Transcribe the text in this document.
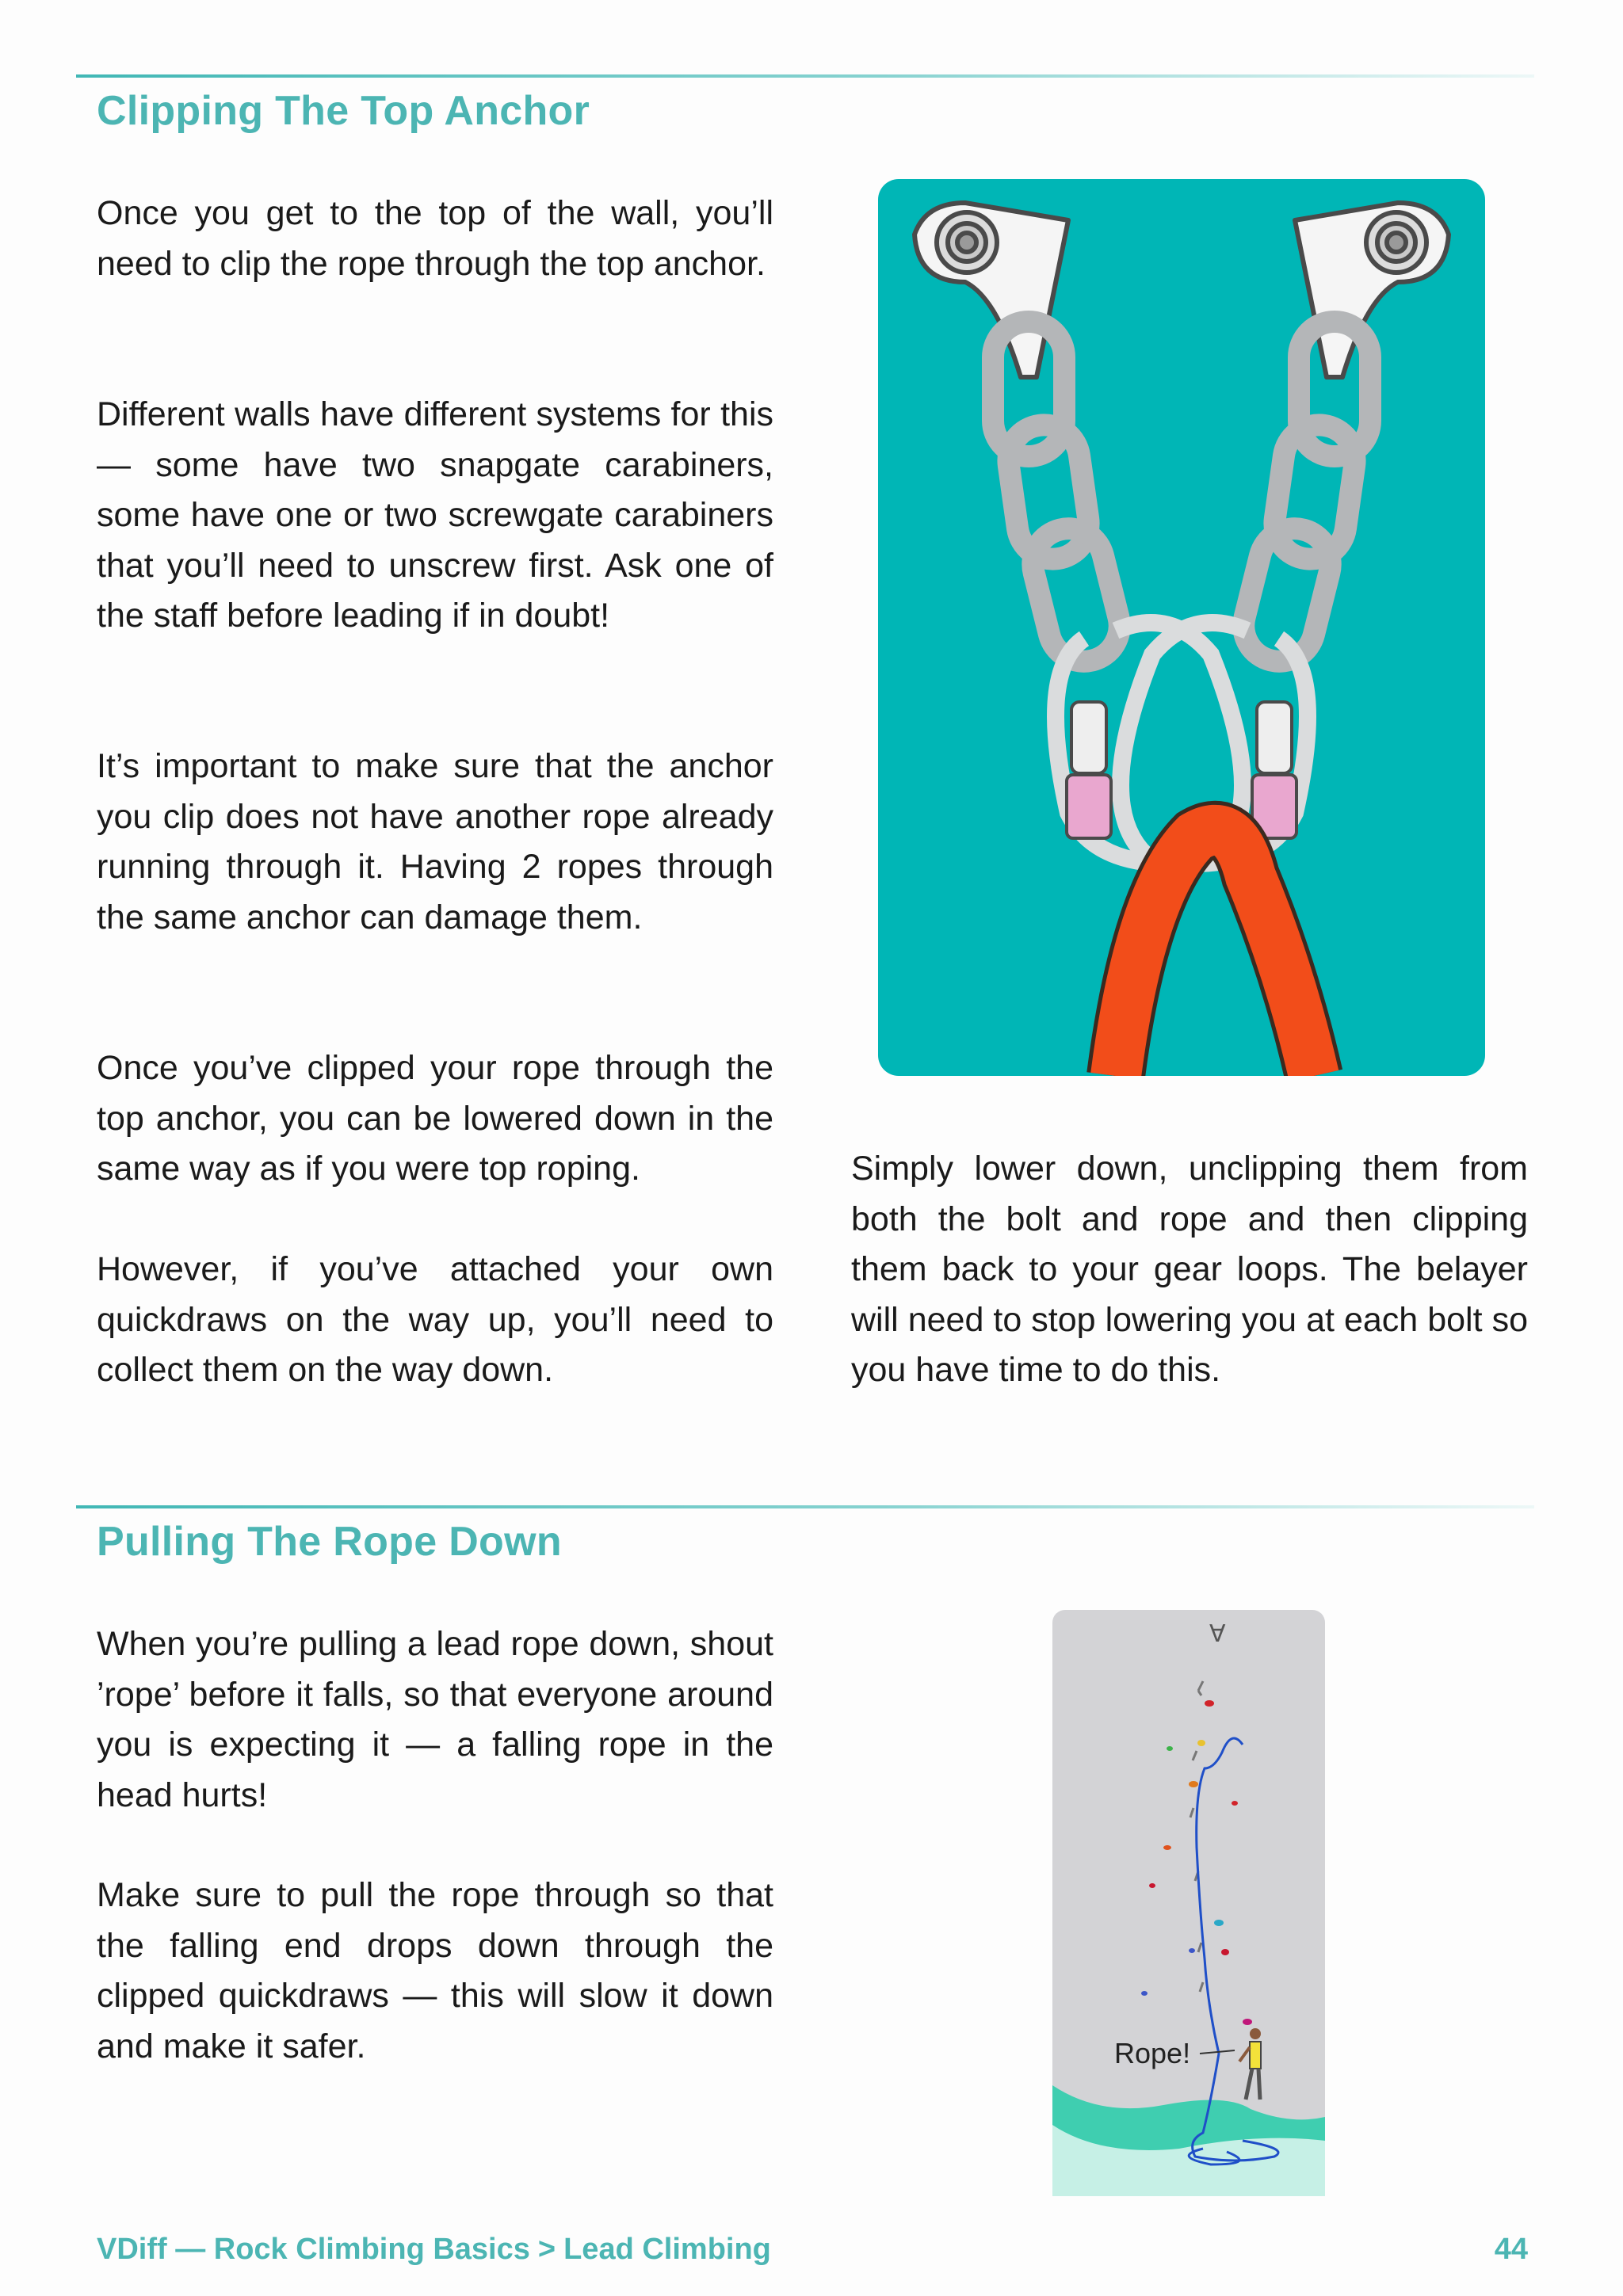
Clipping The Top Anchor

Once you get to the top of the wall, you’ll need to clip the rope through the top anchor.

Different walls have different systems for this — some have two snapgate carabiners, some have one or two screwgate carabiners that you’ll need to unscrew first. Ask one of the staff before leading if in doubt!

It’s important to make sure that the anchor you clip does not have another rope already running through it. Having 2 ropes through the same anchor can damage them.

Once you’ve clipped your rope through the top anchor, you can be lowered down in the same way as if you were top roping.

However, if you’ve attached your own quickdraws on the way up, you’ll need to collect them on the way down.

Simply lower down, unclipping them from both the bolt and rope and then clipping them back to your gear loops. The belayer will need to stop lowering you at each bolt so you have time to do this.

Pulling The Rope Down

When you’re pulling a lead rope down, shout ’rope’ before it falls, so that everyone around you is expecting it — a falling rope in the head hurts!

Make sure to pull the rope through so that the falling end drops down through the clipped quickdraws — this will slow it down and make it safer.

∀
Rope!
VDiff — Rock Climbing Basics > Lead Climbing	44
